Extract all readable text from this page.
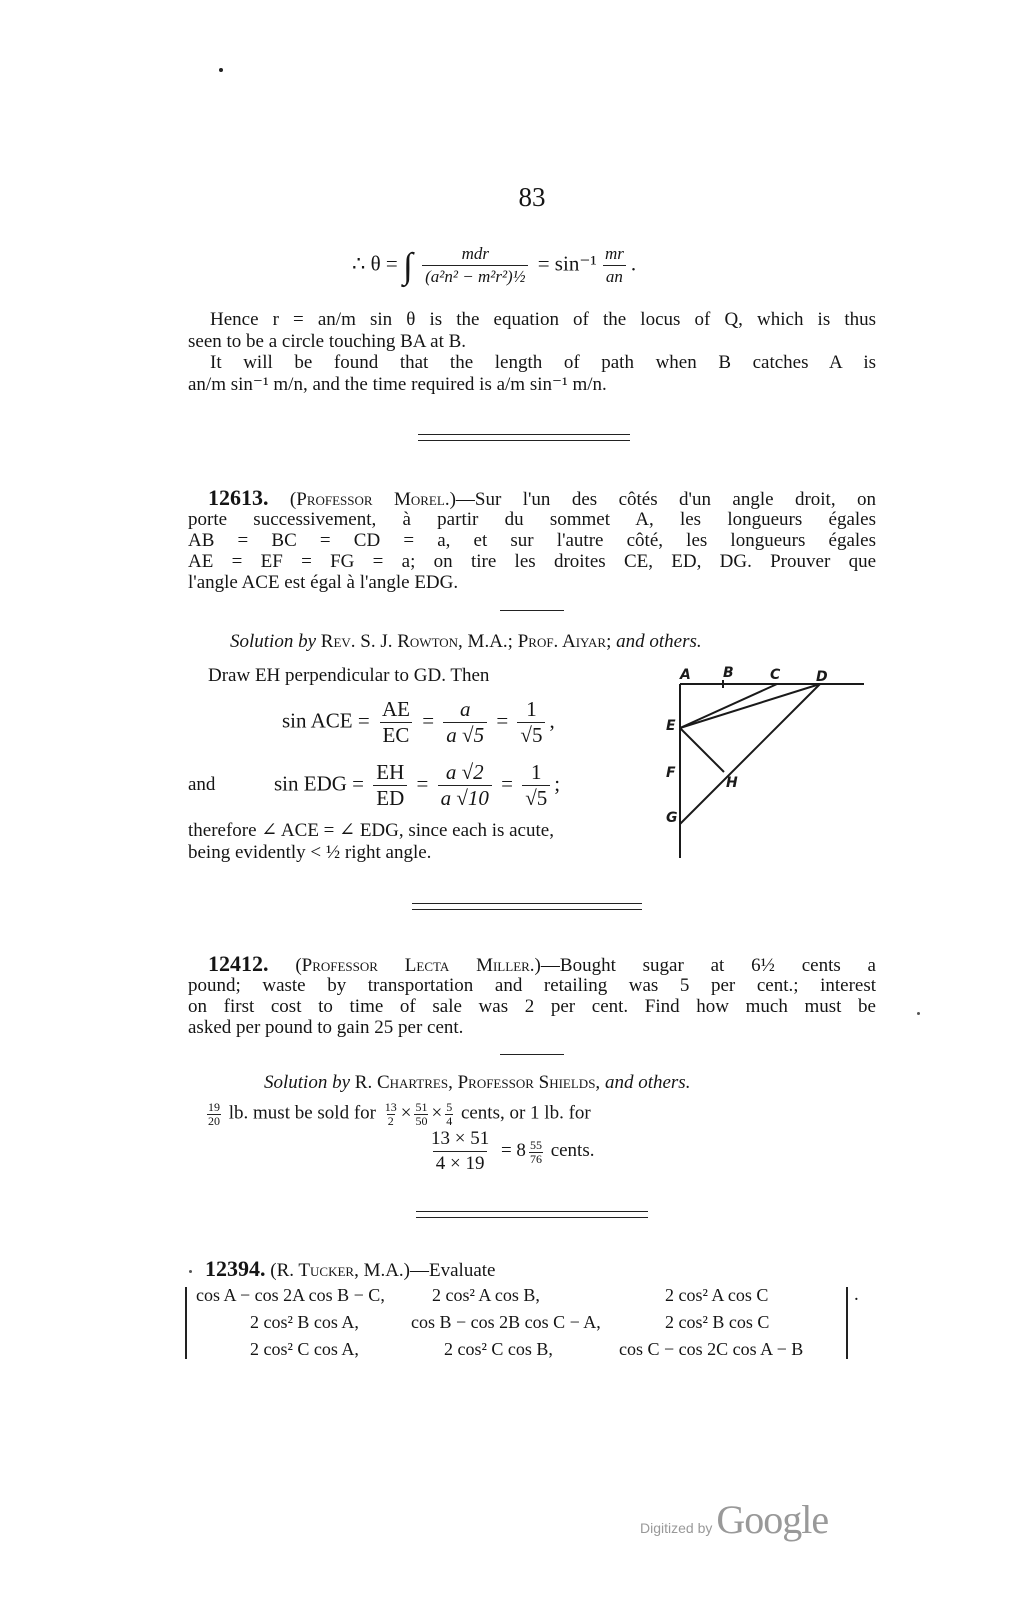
83
∴ θ = ∫ $\frac{\text{mdr}}{\text{(a²n² − m²r²)½}} = \sin^{-1} \frac{mr}{an}$ .
Hence r = an/m sin θ is the equation of the locus of Q, which is thus
seen to be a circle touching BA at B.
It will be found that the length of path when B catches A is
an/m sin⁻¹ m/n, and the time required is a/m sin⁻¹ m/n.
12613. (Professor Morel.)—Sur l'un des côtés d'un angle droit, on
porte successivement, à partir du sommet A, les longueurs égales
AB = BC = CD = a, et sur l'autre côté, les longueurs égales
AE = EF = FG = a; on tire les droites CE, ED, DG. Prouver que
l'angle ACE est égal à l'angle EDG.
Solution by Rev. S. J. Rowton, M.A.; Prof. Aiyar; and others.
Draw EH perpendicular to GD. Then
sin ACE = $\frac{AE}{EC} = \frac{a}{a √5} = \frac{1}{√5}$ ,
and	sin EDG = $\frac{EH}{ED} = \frac{a √2}{a √10} = \frac{1}{√5}$ ;
therefore ∠ ACE = ∠ EDG, since each is acute,
being evidently < ½ right angle.
A B	C	D
E
F
G
H
12412. (Professor Lecta Miller.)—Bought sugar at 6½ cents a
pound; waste by transportation and retailing was 5 per cent.; interest
on first cost to time of sale was 2 per cent. Find how much must be
asked per pound to gain 25 per cent.
Solution by R. Chartres, Professor Shields, and others.
$\frac{19}{20}$ lb. must be sold for $\frac{13}{2} \times \frac{51}{50} \times \frac{5}{4}$ cents, or 1 lb. for
$\frac{13 \times 51}{4 \times 19} = 8 \frac{55}{76}$ cents.
12394. (R. Tucker, M.A.)—Evaluate
.
cos A − cos 2A cos B − C,	2 cos² A cos B,	2 cos² A cos C
2 cos² B cos A,	cos B − cos 2B cos C − A,	2 cos² B cos C
2 cos² C cos A,	2 cos² C cos B,	cos C − cos 2C cos A − B
Digitized by Google
